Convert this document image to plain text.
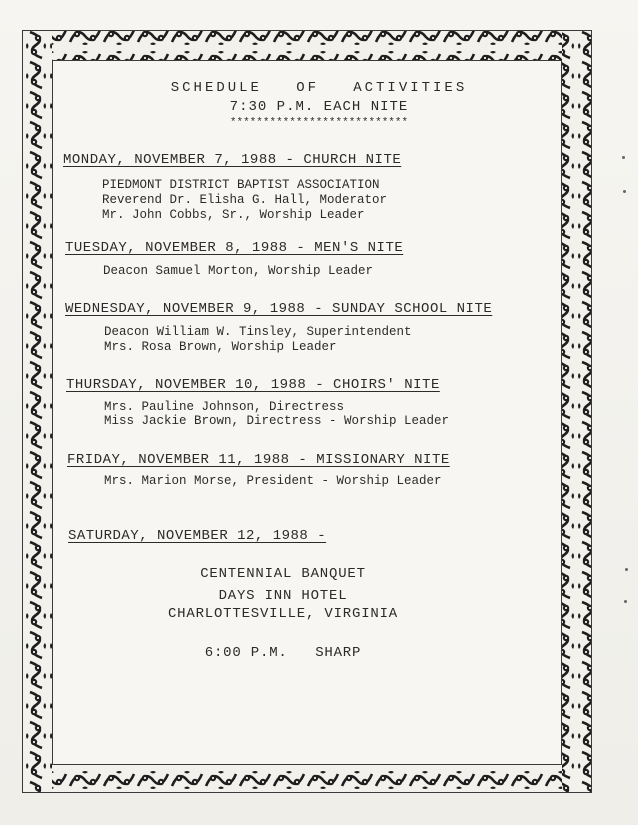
SCHEDULE OF ACTIVITIES
7:30 P.M. EACH NITE
***************************
MONDAY, NOVEMBER 7, 1988 - CHURCH NITE
PIEDMONT DISTRICT BAPTIST ASSOCIATION
Reverend Dr. Elisha G. Hall, Moderator
Mr. John Cobbs, Sr., Worship Leader
TUESDAY, NOVEMBER 8, 1988 - MEN'S NITE
Deacon Samuel Morton, Worship Leader
WEDNESDAY, NOVEMBER 9, 1988 - SUNDAY SCHOOL NITE
Deacon William W. Tinsley, Superintendent
Mrs. Rosa Brown, Worship Leader
THURSDAY, NOVEMBER 10, 1988 - CHOIRS' NITE
Mrs. Pauline Johnson, Directress
Miss Jackie Brown, Directress - Worship Leader
FRIDAY, NOVEMBER 11, 1988 - MISSIONARY NITE
Mrs. Marion Morse, President - Worship Leader
SATURDAY, NOVEMBER 12, 1988 -
CENTENNIAL BANQUET
DAYS INN HOTEL
CHARLOTTESVILLE, VIRGINIA
6:00 P.M. SHARP
